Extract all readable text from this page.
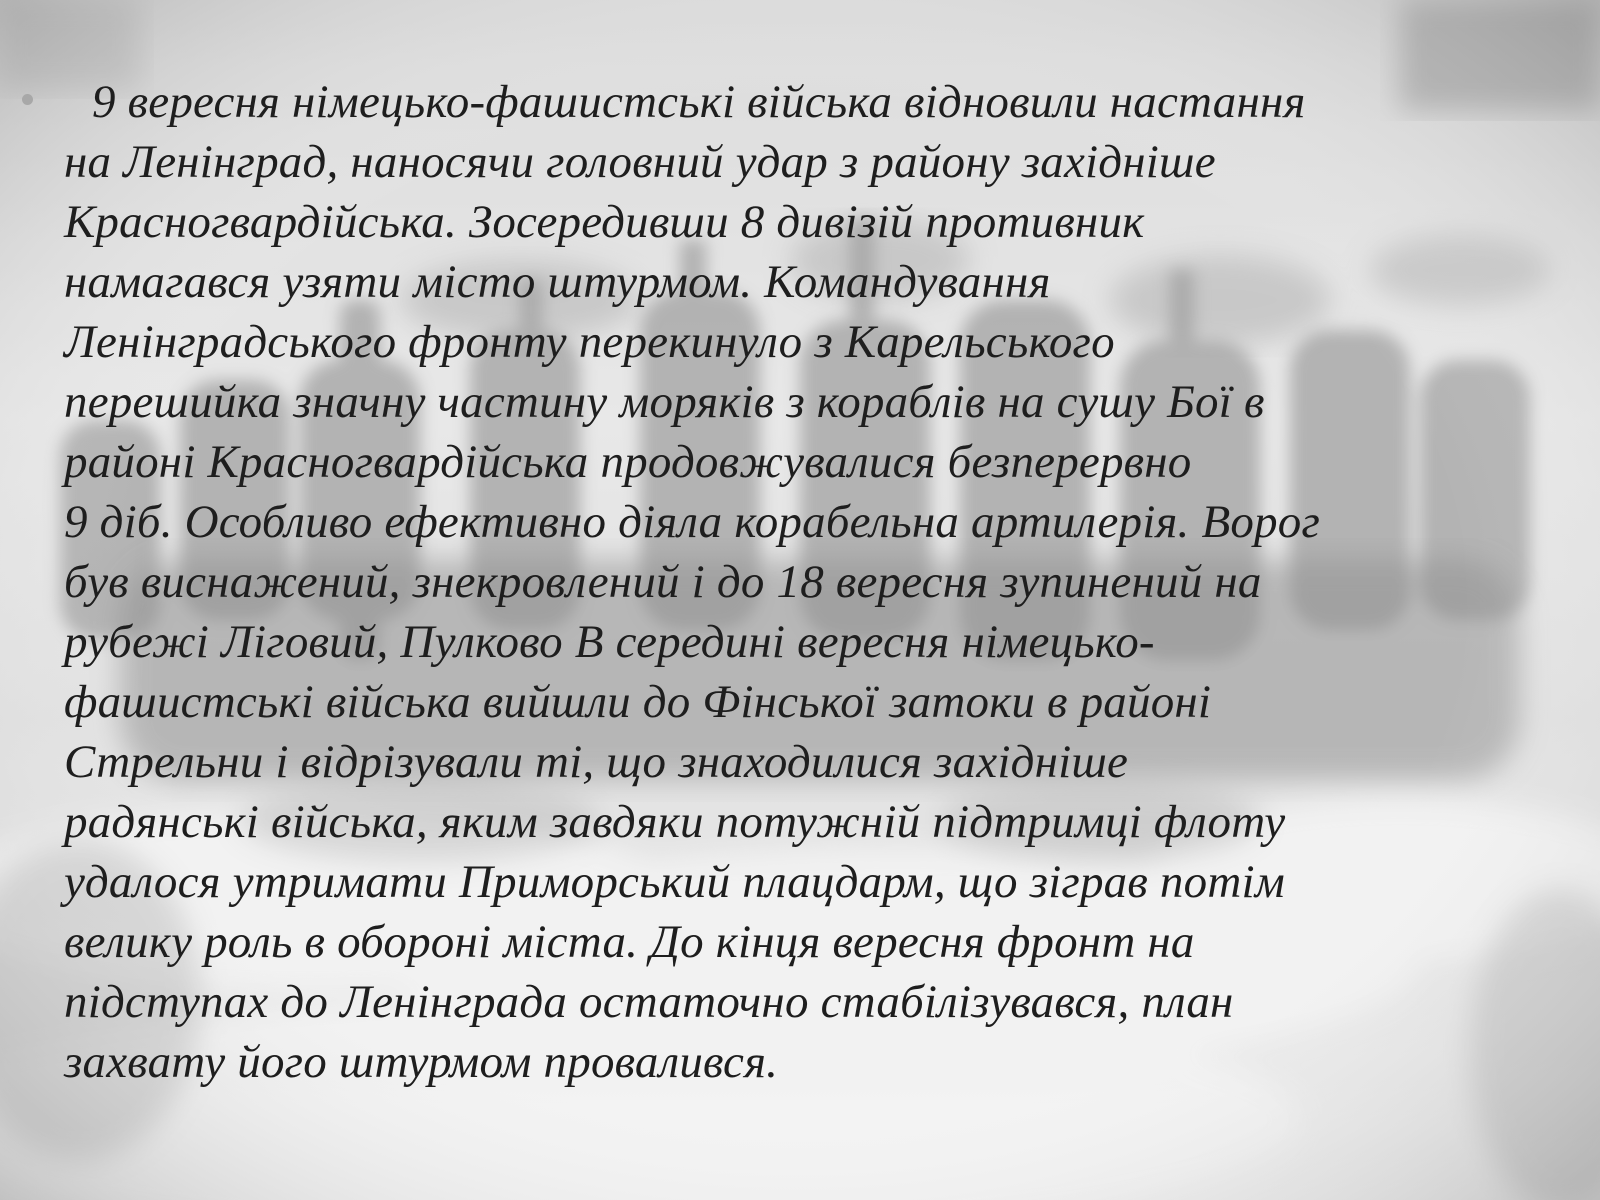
9 вересня німецько-фашистські війська відновили настання
на Ленінград, наносячи головний удар з району західніше
Красногвардійська. Зосередивши 8 дивізій противник
намагався узяти місто штурмом. Командування
Ленінградського фронту перекинуло з Карельського
перешийка значну частину моряків з кораблів на сушу Бої в
районі Красногвардійська продовжувалися безперервно
9 діб. Особливо ефективно діяла корабельна артилерія. Ворог
був виснажений, знекровлений і до 18 вересня зупинений на
рубежі Лігoвий, Пулково В середині вересня німецько-
фашистські війська вийшли до Фінської затоки в районі
Стрельни і відрізували ті, що знаходилися західніше
радянські війська, яким завдяки потужній підтримці флоту
удалося утримати Приморський плацдарм, що зіграв потім
велику роль в обороні міста. До кінця вересня фронт на
підступах до Ленінграда остаточно стабілізувався, план
захвату його штурмом провалився.
